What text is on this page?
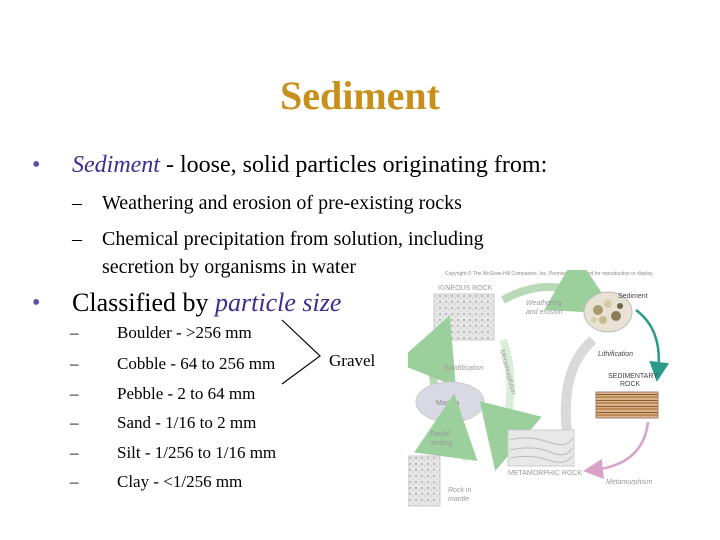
Sediment
• Sediment - loose, solid particles originating from:
– Weathering and erosion of pre-existing rocks
– Chemical precipitation from solution, including
secretion by organisms in water
• Classified by particle size
– Boulder - >256 mm
– Cobble - 64 to 256 mm
– Pebble - 2 to 64 mm
– Sand - 1/16 to 2 mm
– Silt - 1/256 to 1/16 mm
– Clay - <1/256 mm
Gravel
Copyright © The McGraw-Hill Companies, Inc. Permission required for reproduction or display.
IGNEOUS ROCK
Weathering
and erosion
Sediment
Lithification
SEDIMENTARY
ROCK
Solidification
Magma
Metamorphism
Partial
melting
METAMORPHIC ROCK
Metamorphism
Rock in
mantle
